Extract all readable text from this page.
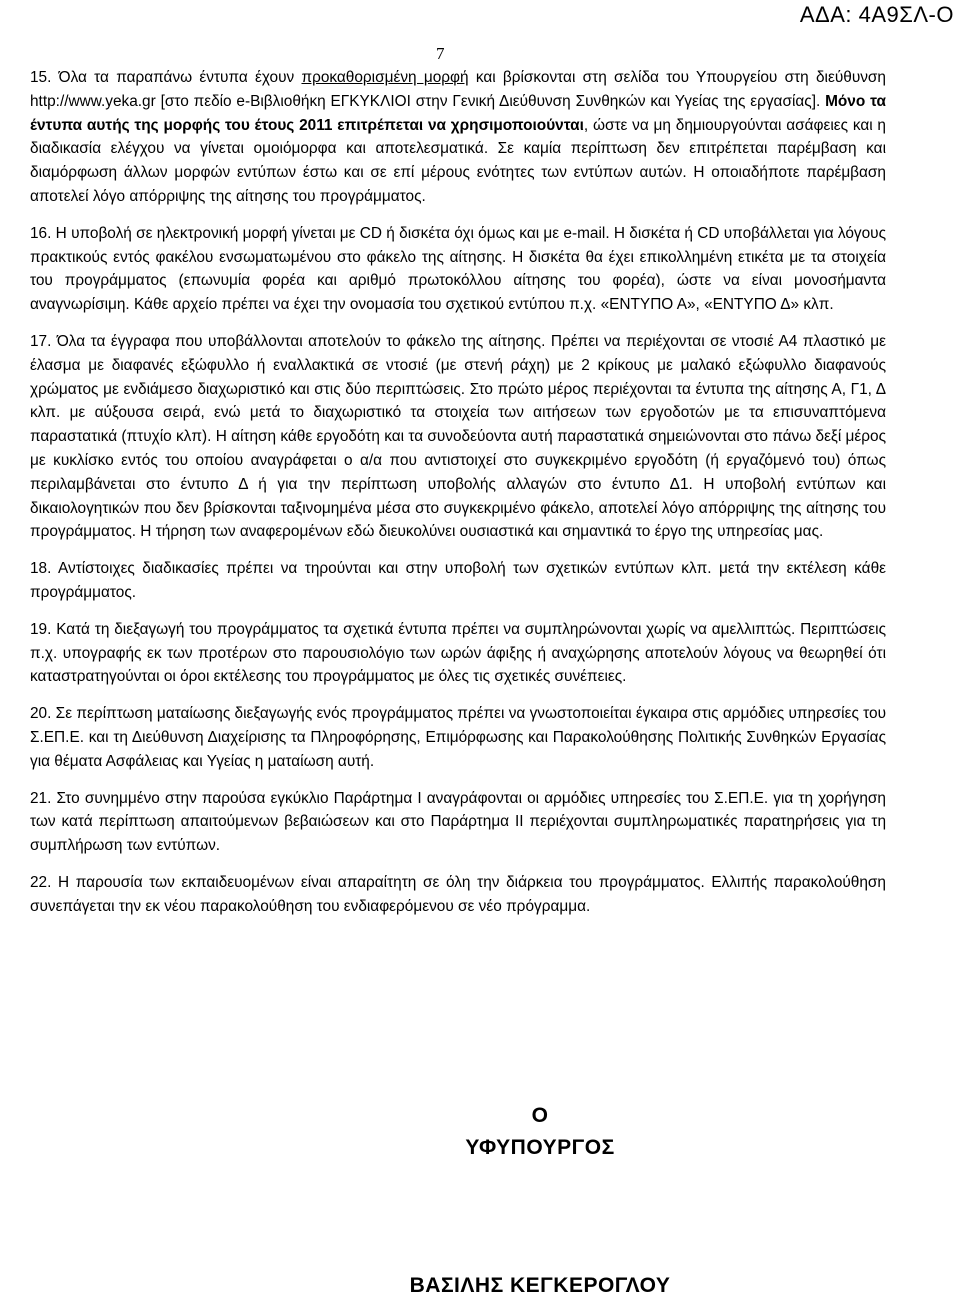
ΑΔΑ: 4Α9ΣΛ-Ο
7

15. Όλα τα παραπάνω έντυπα έχουν προκαθορισμένη μορφή και βρίσκονται στη σελίδα του Υπουργείου στη διεύθυνση http://www.yeka.gr [στο πεδίο e-Βιβλιοθήκη ΕΓΚΥΚΛΙΟΙ στην Γενική Διεύθυνση Συνθηκών και Υγείας της εργασίας]. Μόνο τα έντυπα αυτής της μορφής του έτους 2011 επιτρέπεται να χρησιμοποιούνται, ώστε να μη δημιουργούνται ασάφειες και η διαδικασία ελέγχου να γίνεται ομοιόμορφα και αποτελεσματικά. Σε καμία περίπτωση δεν επιτρέπεται παρέμβαση και διαμόρφωση άλλων μορφών εντύπων έστω και σε επί μέρους ενότητες των εντύπων αυτών. Η οποιαδήποτε παρέμβαση αποτελεί λόγο απόρριψης της αίτησης του προγράμματος.

16. Η υποβολή σε ηλεκτρονική μορφή γίνεται με CD ή δισκέτα όχι όμως και με e-mail. Η δισκέτα ή CD υποβάλλεται για λόγους πρακτικούς εντός φακέλου ενσωματωμένου στο φάκελο της αίτησης. Η δισκέτα θα έχει επικολλημένη ετικέτα με τα στοιχεία του προγράμματος (επωνυμία φορέα και αριθμό πρωτοκόλλου αίτησης του φορέα), ώστε να είναι μονοσήμαντα αναγνωρίσιμη. Κάθε αρχείο πρέπει να έχει την ονομασία του σχετικού εντύπου π.χ. «ΕΝΤΥΠΟ Α», «ΕΝΤΥΠΟ Δ» κλπ.

17. Όλα τα έγγραφα που υποβάλλονται αποτελούν το φάκελο της αίτησης. Πρέπει να περιέχονται σε ντοσιέ Α4 πλαστικό με έλασμα με διαφανές εξώφυλλο ή εναλλακτικά σε ντοσιέ (με στενή ράχη) με 2 κρίκους με μαλακό εξώφυλλο διαφανούς χρώματος με ενδιάμεσο διαχωριστικό και στις δύο περιπτώσεις. Στο πρώτο μέρος περιέχονται τα έντυπα της αίτησης Α, Γ1, Δ κλπ. με αύξουσα σειρά, ενώ μετά το διαχωριστικό τα στοιχεία των αιτήσεων των εργοδοτών με τα επισυναπτόμενα παραστατικά (πτυχίο κλπ). Η αίτηση κάθε εργοδότη και τα συνοδεύοντα αυτή παραστατικά σημειώνονται στο πάνω δεξί μέρος με κυκλίσκο εντός του οποίου αναγράφεται ο α/α που αντιστοιχεί στο συγκεκριμένο εργοδότη (ή εργαζόμενό του) όπως περιλαμβάνεται στο έντυπο Δ ή για την περίπτωση υποβολής αλλαγών στο έντυπο Δ1. Η υποβολή εντύπων και δικαιολογητικών που δεν βρίσκονται ταξινομημένα μέσα στο συγκεκριμένο φάκελο, αποτελεί λόγο απόρριψης της αίτησης του προγράμματος. Η τήρηση των αναφερομένων εδώ διευκολύνει ουσιαστικά και σημαντικά το έργο της υπηρεσίας μας.

18. Αντίστοιχες διαδικασίες πρέπει να τηρούνται και στην υποβολή των σχετικών εντύπων κλπ. μετά την εκτέλεση κάθε προγράμματος.

19. Κατά τη διεξαγωγή του προγράμματος τα σχετικά έντυπα πρέπει να συμπληρώνονται χωρίς να αμελλιπτώς. Περιπτώσεις π.χ. υπογραφής εκ των προτέρων στο παρουσιολόγιο των ωρών άφιξης ή αναχώρησης αποτελούν λόγους να θεωρηθεί ότι καταστρατηγούνται οι όροι εκτέλεσης του προγράμματος με όλες τις σχετικές συνέπειες.

20. Σε περίπτωση ματαίωσης διεξαγωγής ενός προγράμματος πρέπει να γνωστοποιείται έγκαιρα στις αρμόδιες υπηρεσίες του Σ.ΕΠ.Ε. και τη Διεύθυνση Διαχείρισης τα Πληροφόρησης, Επιμόρφωσης και Παρακολούθησης Πολιτικής Συνθηκών Εργασίας για θέματα Ασφάλειας και Υγείας η ματαίωση αυτή.

21. Στο συνημμένο στην παρούσα εγκύκλιο Παράρτημα Ι αναγράφονται οι αρμόδιες υπηρεσίες του Σ.ΕΠ.Ε. για τη χορήγηση των κατά περίπτωση απαιτούμενων βεβαιώσεων και στο Παράρτημα ΙΙ περιέχονται συμπληρωματικές παρατηρήσεις για τη συμπλήρωση των εντύπων.

22. Η παρουσία των εκπαιδευομένων είναι απαραίτητη σε όλη την διάρκεια του προγράμματος. Ελλιπής παρακολούθηση συνεπάγεται την εκ νέου παρακολούθηση του ενδιαφερόμενου σε νέο πρόγραμμα.

Ο
ΥΦΥΠΟΥΡΓΟΣ
ΒΑΣΙΛΗΣ ΚΕΓΚΕΡΟΓΛΟΥ
